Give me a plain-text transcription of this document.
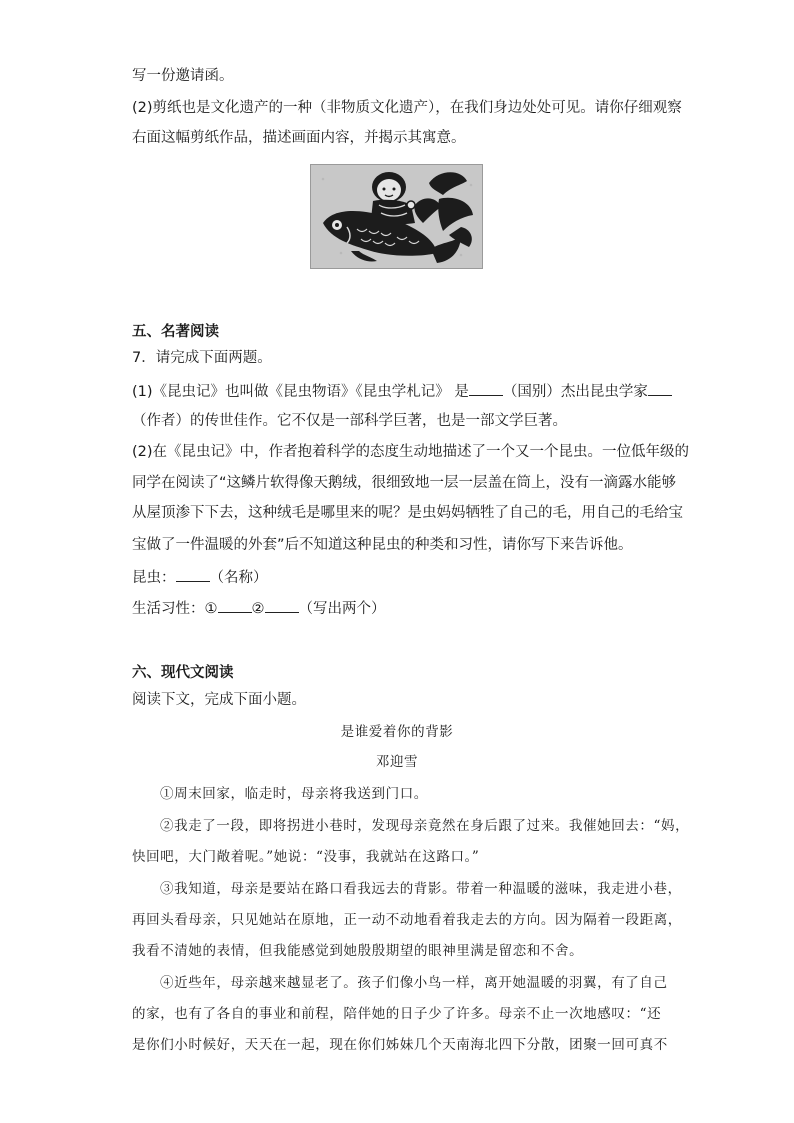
写一份邀请函。
(2)剪纸也是文化遗产的一种（非物质文化遗产），在我们身边处处可见。请你仔细观察
右面这幅剪纸作品，描述画面内容，并揭示其寓意。
五、名著阅读
7．请完成下面两题。
(1)《昆虫记》也叫做《昆虫物语》《昆虫学札记》 是 （国别）杰出昆虫学家
（作者）的传世佳作。它不仅是一部科学巨著，也是一部文学巨著。
(2)在《昆虫记》中，作者抱着科学的态度生动地描述了一个又一个昆虫。一位低年级的
同学在阅读了“这鳞片软得像天鹅绒，很细致地一层一层盖在筒上，没有一滴露水能够
从屋顶渗下下去，这种绒毛是哪里来的呢？是虫妈妈牺牲了自己的毛，用自己的毛给宝
宝做了一件温暖的外套”后不知道这种昆虫的种类和习性，请你写下来告诉他。
昆虫： （名称）
生活习性：① ② （写出两个）
六、现代文阅读
阅读下文，完成下面小题。
是谁爱着你的背影
邓迎雪
①周末回家，临走时，母亲将我送到门口。
②我走了一段，即将拐进小巷时，发现母亲竟然在身后跟了过来。我催她回去：“妈，
快回吧，大门敞着呢。”她说：“没事，我就站在这路口。”
③我知道，母亲是要站在路口看我远去的背影。带着一种温暖的滋味，我走进小巷，
再回头看母亲，只见她站在原地，正一动不动地看着我走去的方向。因为隔着一段距离，
我看不清她的表情，但我能感觉到她殷殷期望的眼神里满是留恋和不舍。
④近些年，母亲越来越显老了。孩子们像小鸟一样，离开她温暖的羽翼，有了自己
的家，也有了各自的事业和前程，陪伴她的日子少了许多。母亲不止一次地感叹：“还
是你们小时候好，天天在一起，现在你们姊妹几个天南海北四下分散，团聚一回可真不
